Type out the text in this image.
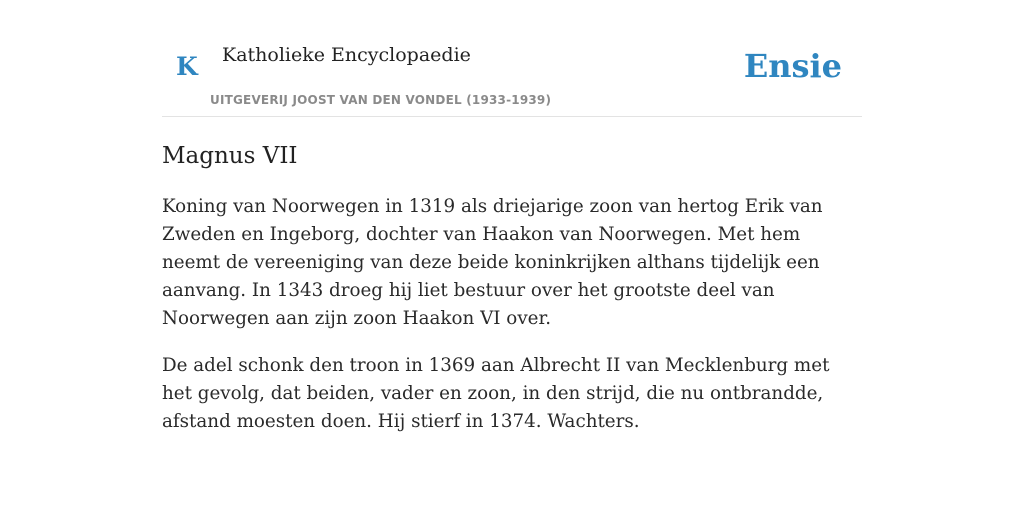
K Katholieke Encyclopaedie
UITGEVERIJ JOOST VAN DEN VONDEL (1933-1939)
Ensie
Magnus VII

Koning van Noorwegen in 1319 als driejarige zoon van hertog Erik van Zweden en Ingeborg, dochter van Haakon van Noorwegen. Met hem neemt de vereeniging van deze beide koninkrijken althans tijdelijk een aanvang. In 1343 droeg hij liet bestuur over het grootste deel van Noorwegen aan zijn zoon Haakon VI over.

De adel schonk den troon in 1369 aan Albrecht II van Mecklenburg met het gevolg, dat beiden, vader en zoon, in den strijd, die nu ontbrandde, afstand moesten doen. Hij stierf in 1374. Wachters.
